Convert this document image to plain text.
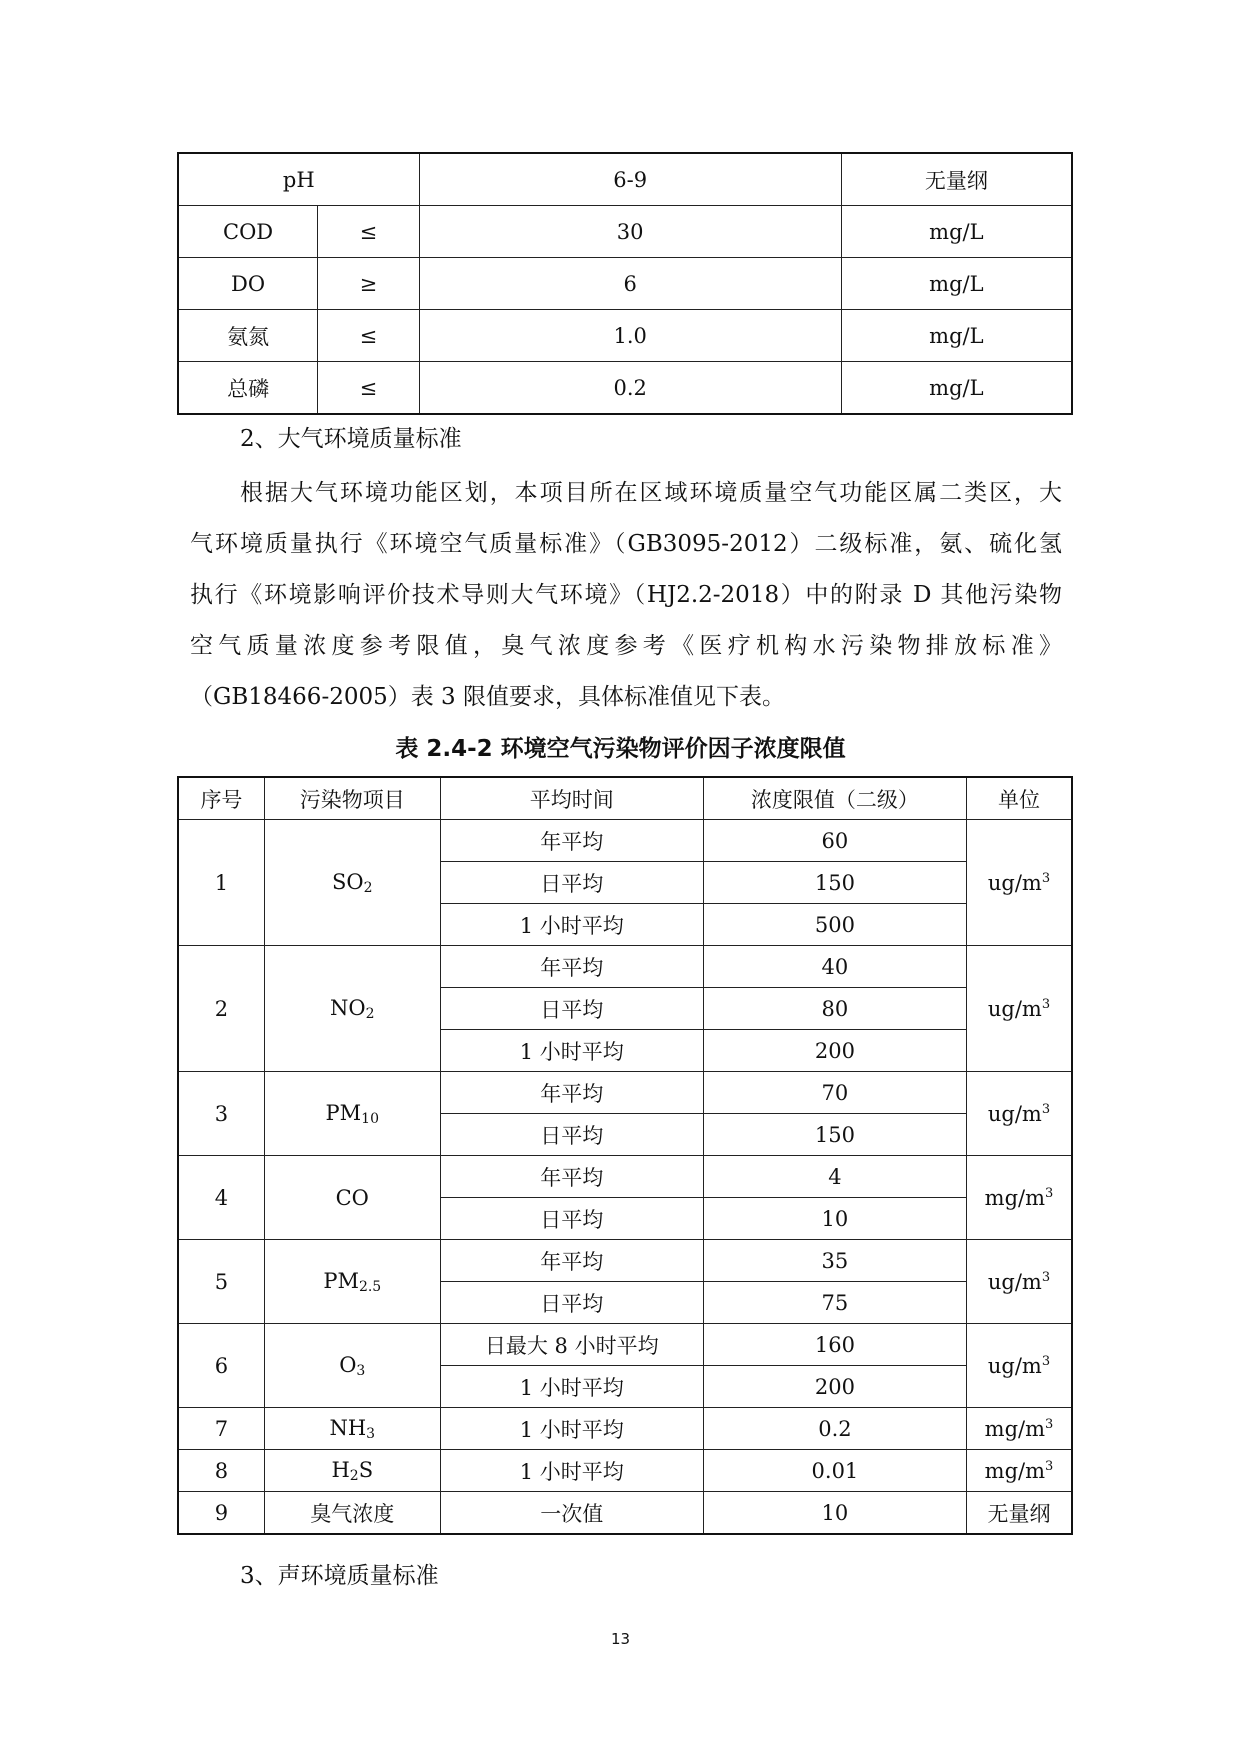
pH		6-9	无量纲
COD	≤	30	mg/L
DO	≥	6	mg/L
氨氮	≤	1.0	mg/L
总磷	≤	0.2	mg/L
2、大气环境质量标准
根据大气环境功能区划，本项目所在区域环境质量空气功能区属二类区，大
气环境质量执行《环境空气质量标准》（GB3095-2012）二级标准，氨、硫化氢
执行《环境影响评价技术导则大气环境》（HJ2.2-2018）中的附录 D 其他污染物
空气质量浓度参考限值，臭气浓度参考《医疗机构水污染物排放标准》
（GB18466-2005）表 3 限值要求，具体标准值见下表。
表 2.4-2 环境空气污染物评价因子浓度限值
序号	污染物项目	平均时间	浓度限值（二级）	单位
1	$SO_2$	年平均	60	$ug/m^3$
		日平均	150	
		1 小时平均	500	
2	$NO_2$	年平均	40	$ug/m^3$
		日平均	80	
		1 小时平均	200	
3	$PM_{10}$	年平均	70	$ug/m^3$
		日平均	150	
4	CO	年平均	4	$mg/m^3$
		日平均	10	
5	$PM_{2.5}$	年平均	35	$ug/m^3$
		日平均	75	
6	$O_3$	日最大 8 小时平均	160	$ug/m^3$
		1 小时平均	200	
7	$NH_3$	1 小时平均	0.2	$mg/m^3$
8	$H_2S$	1 小时平均	0.01	$mg/m^3$
9	臭气浓度	一次值	10	无量纲
3、声环境质量标准
13
